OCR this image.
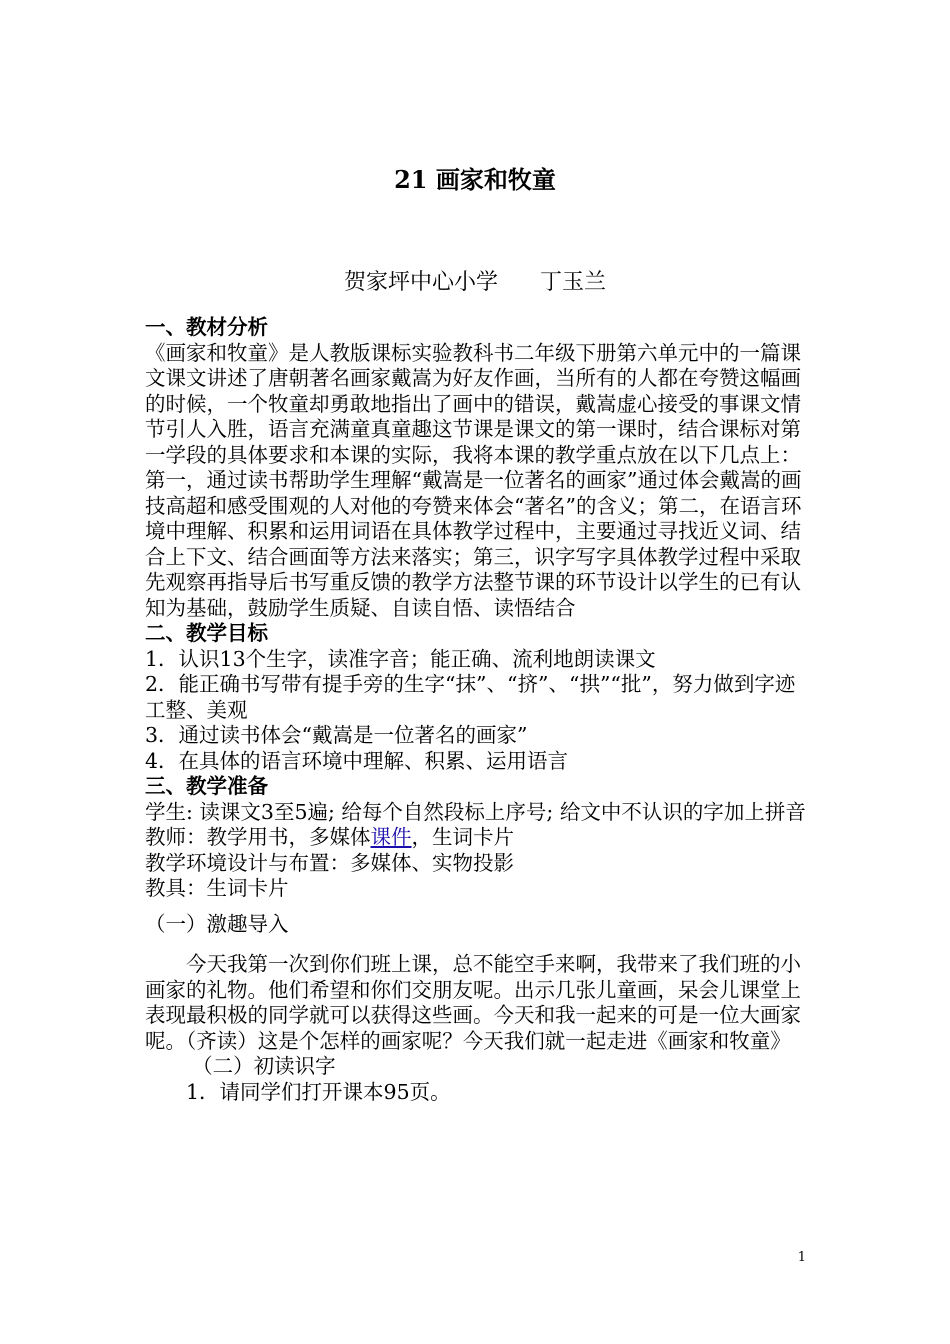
21 画家和牧童

贺家坪中心小学      丁玉兰

一、教材分析

《画家和牧童》是人教版课标实验教科书二年级下册第六单元中的一篇课文课文讲述了唐朝著名画家戴嵩为好友作画，当所有的人都在夸赞这幅画的时候，一个牧童却勇敢地指出了画中的错误，戴嵩虚心接受的事课文情节引人入胜，语言充满童真童趣这节课是课文的第一课时，结合课标对第一学段的具体要求和本课的实际，我将本课的教学重点放在以下几点上：第一，通过读书帮助学生理解“戴嵩是一位著名的画家”通过体会戴嵩的画技高超和感受围观的人对他的夸赞来体会“著名”的含义；第二，在语言环境中理解、积累和运用词语在具体教学过程中，主要通过寻找近义词、结合上下文、结合画面等方法来落实；第三，识字写字具体教学过程中采取先观察再指导后书写重反馈的教学方法整节课的环节设计以学生的已有认知为基础，鼓励学生质疑、自读自悟、读悟结合

二、教学目标

1．认识13个生字，读准字音；能正确、流利地朗读课文

2．能正确书写带有提手旁的生字“抹”、“挤”、“拱”“批”，努力做到字迹工整、美观

3．通过读书体会“戴嵩是一位著名的画家”

4．在具体的语言环境中理解、积累、运用语言

三、教学准备

学生: 读课文3至5遍; 给每个自然段标上序号; 给文中不认识的字加上拼音

教师：教学用书，多媒体课件，生词卡片

教学环境设计与布置：多媒体、实物投影

教具：生词卡片

（一）激趣导入

今天我第一次到你们班上课，总不能空手来啊，我带来了我们班的小画家的礼物。他们希望和你们交朋友呢。出示几张儿童画，呆会儿课堂上表现最积极的同学就可以获得这些画。今天和我一起来的可是一位大画家呢。（齐读）这是个怎样的画家呢？今天我们就一起走进《画家和牧童》

（二）初读识字

1．请同学们打开课本95页。

1
